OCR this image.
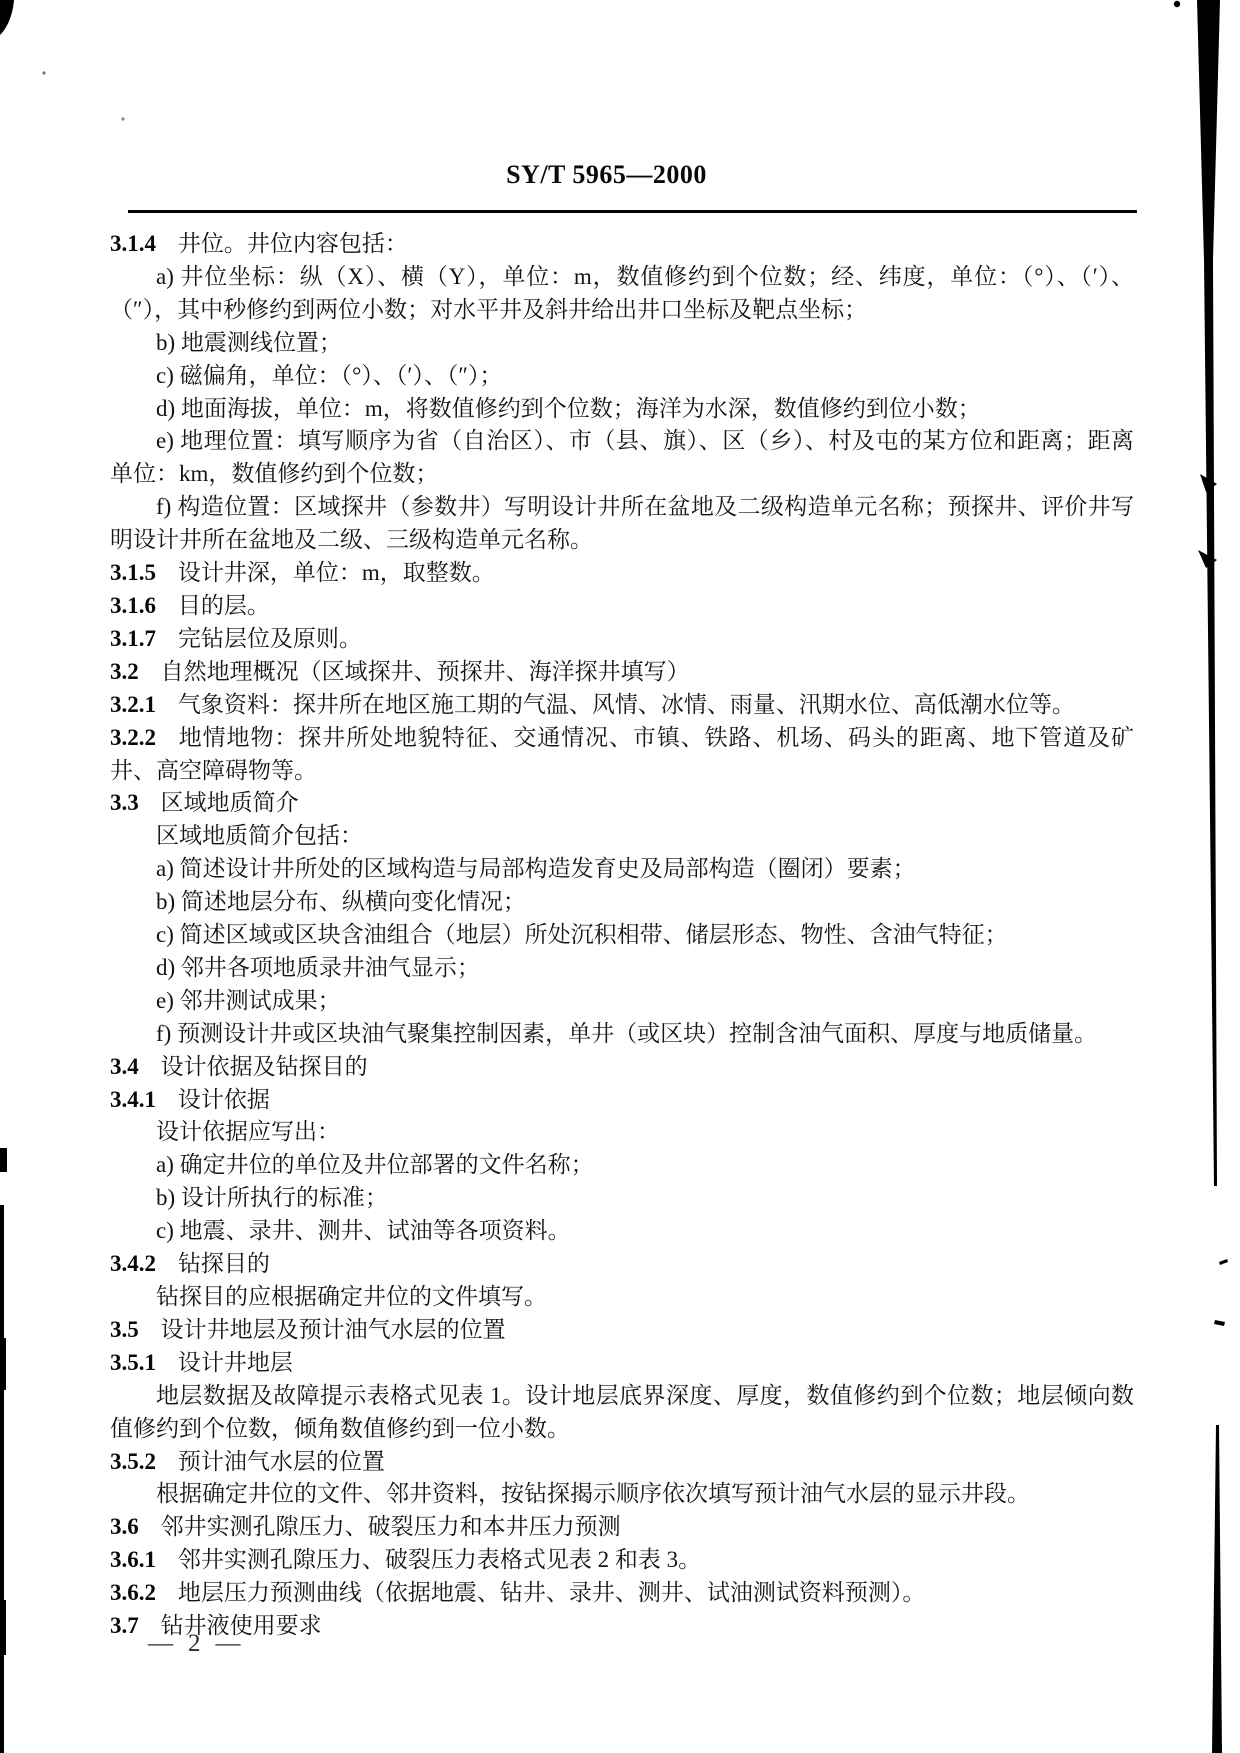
SY/T 5965—2000

3.1.4 井位。井位内容包括：

a) 井位坐标：纵（X）、横（Y），单位：m，数值修约到个位数；经、纬度，单位：（°）、（′）、（″），其中秒修约到两位小数；对水平井及斜井给出井口坐标及靶点坐标；

b) 地震测线位置；

c) 磁偏角，单位：（°）、（′）、（″）；

d) 地面海拔，单位：m，将数值修约到个位数；海洋为水深，数值修约到位小数；

e) 地理位置：填写顺序为省（自治区）、市（县、旗）、区（乡）、村及屯的某方位和距离；距离单位：km，数值修约到个位数；

f) 构造位置：区域探井（参数井）写明设计井所在盆地及二级构造单元名称；预探井、评价井写明设计井所在盆地及二级、三级构造单元名称。

3.1.5 设计井深，单位：m，取整数。

3.1.6 目的层。

3.1.7 完钻层位及原则。

3.2 自然地理概况（区域探井、预探井、海洋探井填写）

3.2.1 气象资料：探井所在地区施工期的气温、风情、冰情、雨量、汛期水位、高低潮水位等。

3.2.2 地情地物：探井所处地貌特征、交通情况、市镇、铁路、机场、码头的距离、地下管道及矿井、高空障碍物等。

3.3 区域地质简介

区域地质简介包括：

a) 简述设计井所处的区域构造与局部构造发育史及局部构造（圈闭）要素；

b) 简述地层分布、纵横向变化情况；

c) 简述区域或区块含油组合（地层）所处沉积相带、储层形态、物性、含油气特征；

d) 邻井各项地质录井油气显示；

e) 邻井测试成果；

f) 预测设计井或区块油气聚集控制因素，单井（或区块）控制含油气面积、厚度与地质储量。

3.4 设计依据及钻探目的

3.4.1 设计依据

设计依据应写出：

a) 确定井位的单位及井位部署的文件名称；

b) 设计所执行的标准；

c) 地震、录井、测井、试油等各项资料。

3.4.2 钻探目的

钻探目的应根据确定井位的文件填写。

3.5 设计井地层及预计油气水层的位置

3.5.1 设计井地层

地层数据及故障提示表格式见表 1。设计地层底界深度、厚度，数值修约到个位数；地层倾向数值修约到个位数，倾角数值修约到一位小数。

3.5.2 预计油气水层的位置

根据确定井位的文件、邻井资料，按钻探揭示顺序依次填写预计油气水层的显示井段。

3.6 邻井实测孔隙压力、破裂压力和本井压力预测

3.6.1 邻井实测孔隙压力、破裂压力表格式见表 2 和表 3。

3.6.2 地层压力预测曲线（依据地震、钻井、录井、测井、试油测试资料预测）。

3.7 钻井液使用要求

— 2 —
